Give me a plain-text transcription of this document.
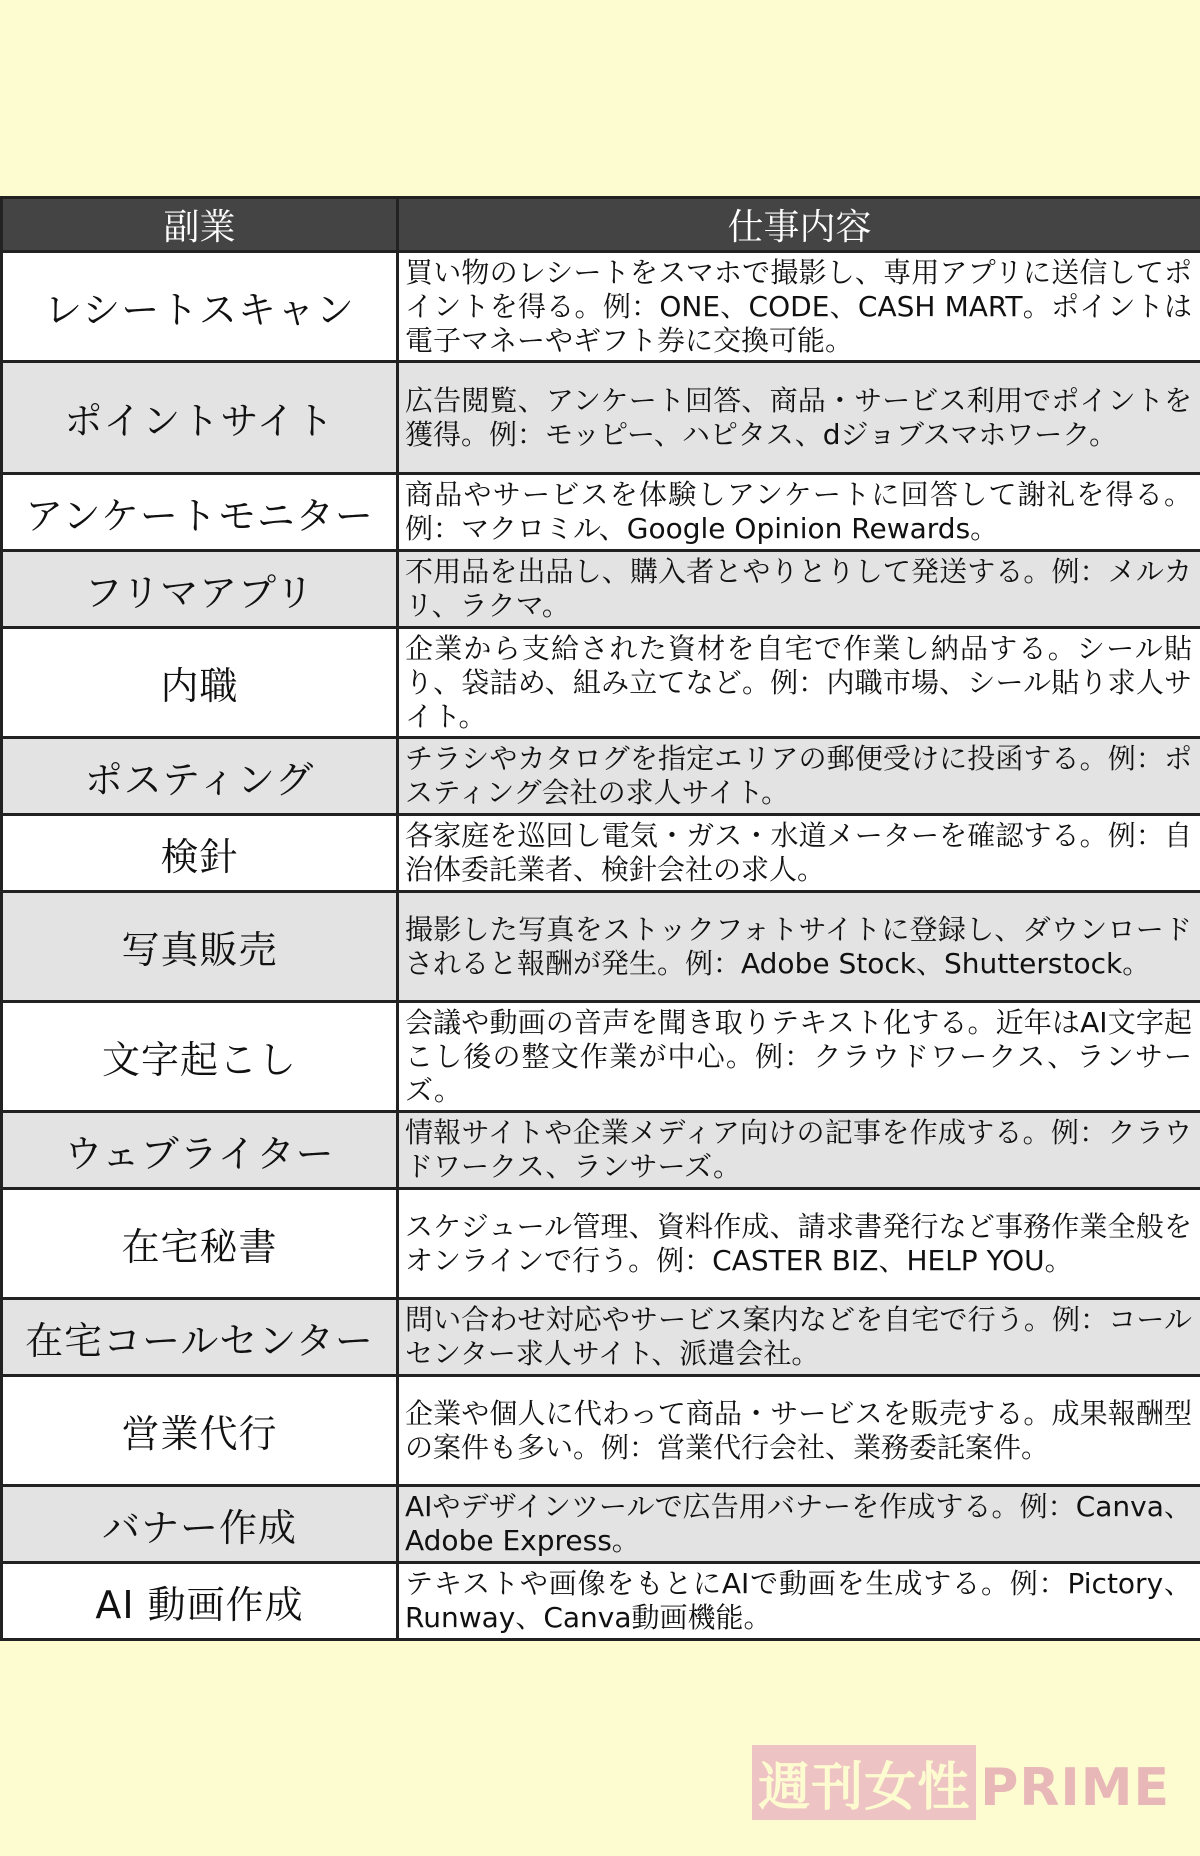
副業	仕事内容
レシートスキャン	買い物のレシートをスマホで撮影し、専用アプリに送信してポイントを得る。例：ONE、CODE、CASH MART。ポイントは電子マネーやギフト券に交換可能。
ポイントサイト	広告閲覧、アンケート回答、商品・サービス利用でポイントを獲得。例：モッピー、ハピタス、dジョブスマホワーク。
アンケートモニター	商品やサービスを体験しアンケートに回答して謝礼を得る。例：マクロミル、Google Opinion Rewards。
フリマアプリ	不用品を出品し、購入者とやりとりして発送する。例：メルカリ、ラクマ。
内職	企業から支給された資材を自宅で作業し納品する。シール貼り、袋詰め、組み立てなど。例：内職市場、シール貼り求人サイト。
ポスティング	チラシやカタログを指定エリアの郵便受けに投函する。例：ポスティング会社の求人サイト。
検針	各家庭を巡回し電気・ガス・水道メーターを確認する。例：自治体委託業者、検針会社の求人。
写真販売	撮影した写真をストックフォトサイトに登録し、ダウンロードされると報酬が発生。例：Adobe Stock、Shutterstock。
文字起こし	会議や動画の音声を聞き取りテキスト化する。近年はAI文字起こし後の整文作業が中心。例：クラウドワークス、ランサーズ。
ウェブライター	情報サイトや企業メディア向けの記事を作成する。例：クラウドワークス、ランサーズ。
在宅秘書	スケジュール管理、資料作成、請求書発行など事務作業全般をオンラインで行う。例：CASTER BIZ、HELP YOU。
在宅コールセンター	問い合わせ対応やサービス案内などを自宅で行う。例：コールセンター求人サイト、派遣会社。
営業代行	企業や個人に代わって商品・サービスを販売する。成果報酬型の案件も多い。例：営業代行会社、業務委託案件。
バナー作成	AIやデザインツールで広告用バナーを作成する。例：Canva、Adobe Express。
AI 動画作成	テキストや画像をもとにAIで動画を生成する。例：Pictory、Runway、Canva動画機能。
週刊女性 PRIME
